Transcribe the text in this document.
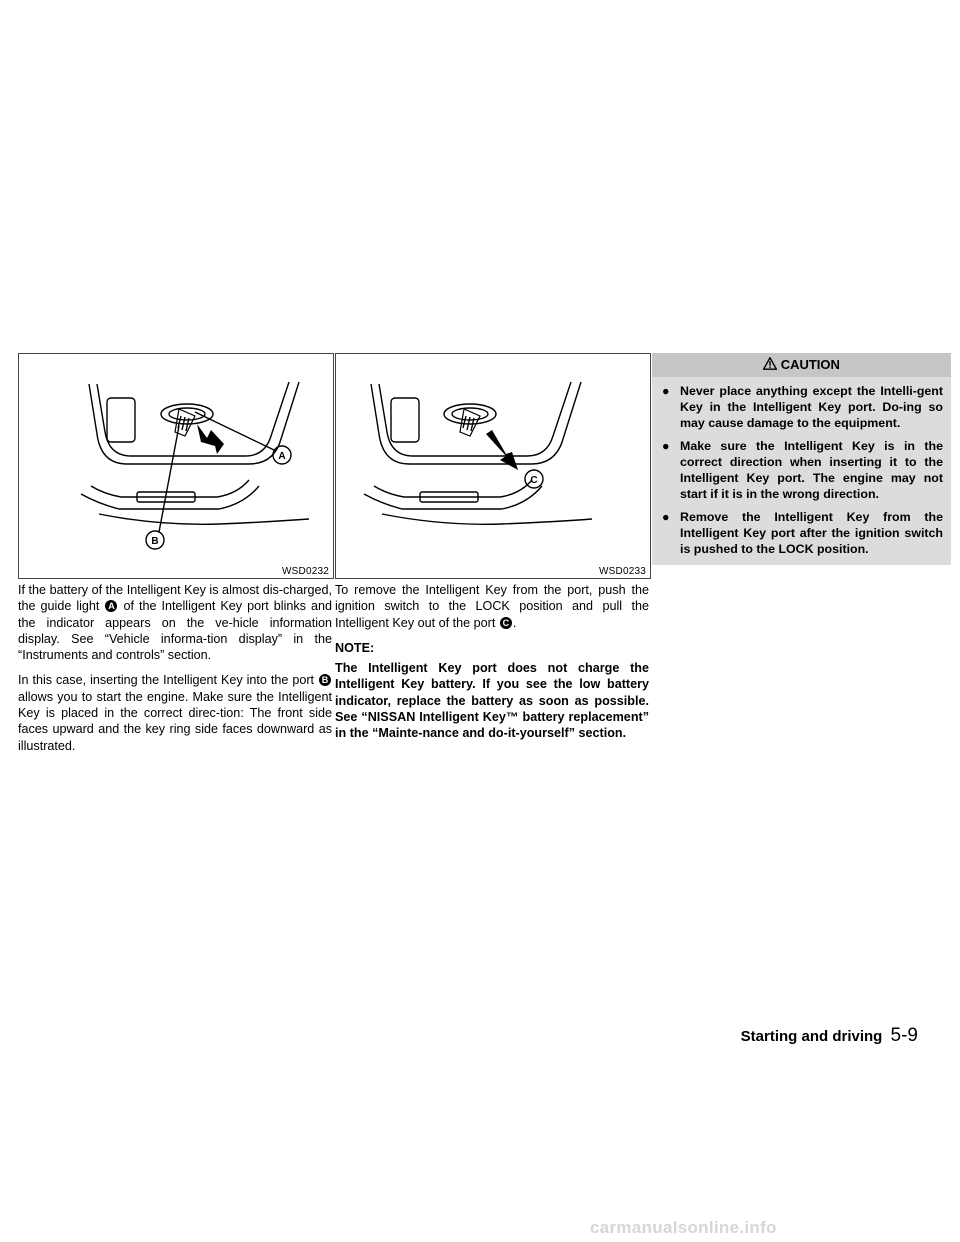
A
B
WSD0232
C
WSD0233

If the battery of the Intelligent Key is almost dis-charged, the guide light A of the Intelligent Key port blinks and the indicator appears on the ve-hicle information display. See “Vehicle informa-tion display” in the “Instruments and controls” section.

In this case, inserting the Intelligent Key into the port B allows you to start the engine. Make sure the Intelligent Key is placed in the correct direc-tion: The front side faces upward and the key ring side faces downward as illustrated.

To remove the Intelligent Key from the port, push the ignition switch to the LOCK position and pull the Intelligent Key out of the port C .

NOTE:

The Intelligent Key port does not charge the Intelligent Key battery. If you see the low battery indicator, replace the battery as soon as possible. See “NISSAN Intelligent Key™ battery replacement” in the “Mainte-nance and do-it-yourself” section.

CAUTION
● Never place anything except the Intelli-gent Key in the Intelligent Key port. Do-ing so may cause damage to the equipment.
● Make sure the Intelligent Key is in the correct direction when inserting it to the Intelligent Key port. The engine may not start if it is in the wrong direction.
● Remove the Intelligent Key from the Intelligent Key port after the ignition switch is pushed to the LOCK position.
Starting and driving 5-9
carmanualsonline.info
